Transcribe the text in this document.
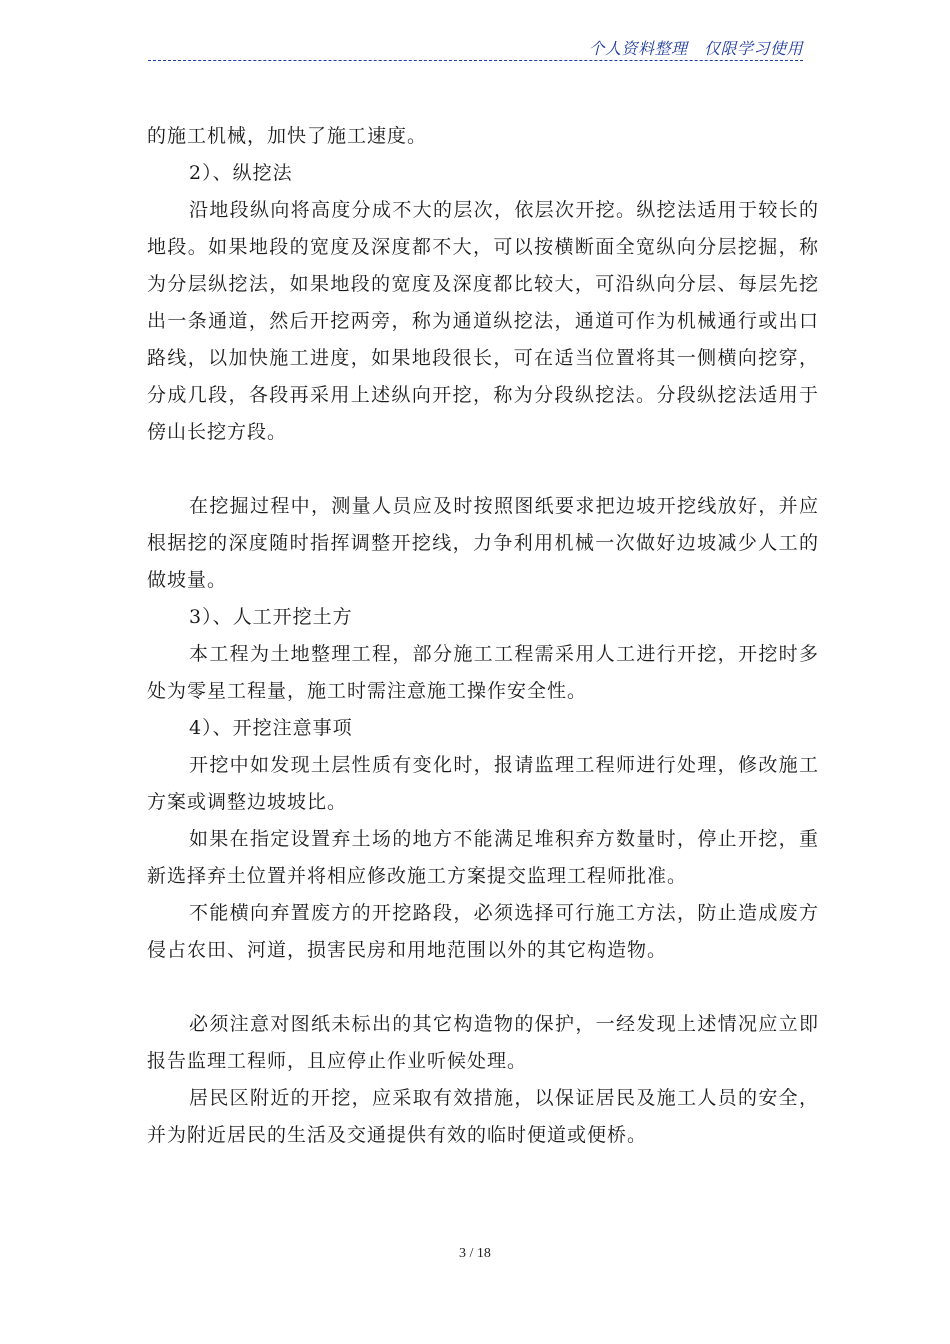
个人资料整理　仅限学习使用

的施工机械，加快了施工速度。

2）、纵挖法

沿地段纵向将高度分成不大的层次，依层次开挖。纵挖法适用于较长的地段。如果地段的宽度及深度都不大，可以按横断面全宽纵向分层挖掘，称为分层纵挖法，如果地段的宽度及深度都比较大，可沿纵向分层、每层先挖出一条通道，然后开挖两旁，称为通道纵挖法，通道可作为机械通行或出口路线，以加快施工进度，如果地段很长，可在适当位置将其一侧横向挖穿，分成几段，各段再采用上述纵向开挖，称为分段纵挖法。分段纵挖法适用于傍山长挖方段。

在挖掘过程中，测量人员应及时按照图纸要求把边坡开挖线放好，并应根据挖的深度随时指挥调整开挖线，力争利用机械一次做好边坡减少人工的做坡量。

3）、人工开挖土方

本工程为土地整理工程，部分施工工程需采用人工进行开挖，开挖时多处为零星工程量，施工时需注意施工操作安全性。

4）、开挖注意事项

开挖中如发现土层性质有变化时，报请监理工程师进行处理，修改施工方案或调整边坡坡比。

如果在指定设置弃土场的地方不能满足堆积弃方数量时，停止开挖，重新选择弃土位置并将相应修改施工方案提交监理工程师批准。

不能横向弃置废方的开挖路段，必须选择可行施工方法，防止造成废方侵占农田、河道，损害民房和用地范围以外的其它构造物。

必须注意对图纸未标出的其它构造物的保护，一经发现上述情况应立即报告监理工程师，且应停止作业听候处理。

居民区附近的开挖，应采取有效措施，以保证居民及施工人员的安全，并为附近居民的生活及交通提供有效的临时便道或便桥。

3 / 18
